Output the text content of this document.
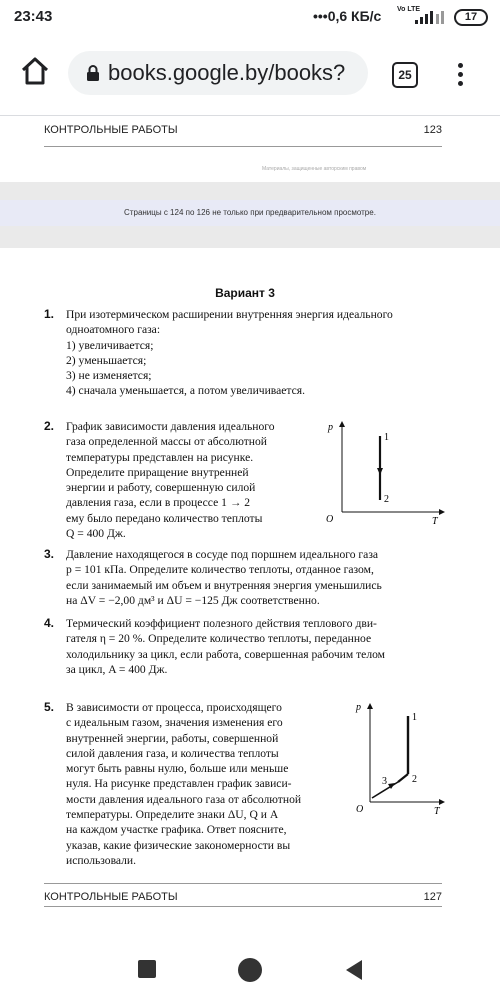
23:43	•••0,6 КБ/с Vo LTE
17
books.google.by/books?	25
КОНТРОЛЬНЫЕ РАБОТЫ	123
Материалы, защищенные авторским правом
Страницы с 124 по 126 не только при предварительном просмотре.
Вариант 3
1. При изотермическом расширении внутренняя энергия идеального
одноатомного газа:
1) увеличивается;
2) уменьшается;
3) не изменяется;
4) сначала уменьшается, а потом увеличивается.
2. График зависимости давления идеального
газа определенной массы от абсолютной
температуры представлен на рисунке.
Определите приращение внутренней
энергии и работу, совершенную силой
давления газа, если в процессе 1 → 2
ему было передано количество теплоты
Q = 400 Дж.
p
T
O
1
2
3. Давление находящегося в сосуде под поршнем идеального газа
p = 101 кПа. Определите количество теплоты, отданное газом,
если занимаемый им объем и внутренняя энергия уменьшились
на ΔV = −2,00 дм³ и ΔU = −125 Дж соответственно.
4. Термический коэффициент полезного действия теплового дви-
гателя η = 20 %. Определите количество теплоты, переданное
холодильнику за цикл, если работа, совершенная рабочим телом
за цикл, A = 400 Дж.
5. В зависимости от процесса, происходящего
с идеальным газом, значения изменения его
внутренней энергии, работы, совершенной
силой давления газа, и количества теплоты
могут быть равны нулю, больше или меньше
нуля. На рисунке представлен график зависи-
мости давления идеального газа от абсолютной
температуры. Определите знаки ΔU, Q и A
на каждом участке графика. Ответ поясните,
указав, какие физические закономерности вы
использовали.
p
T
O
1
2
3
КОНТРОЛЬНЫЕ РАБОТЫ	127
